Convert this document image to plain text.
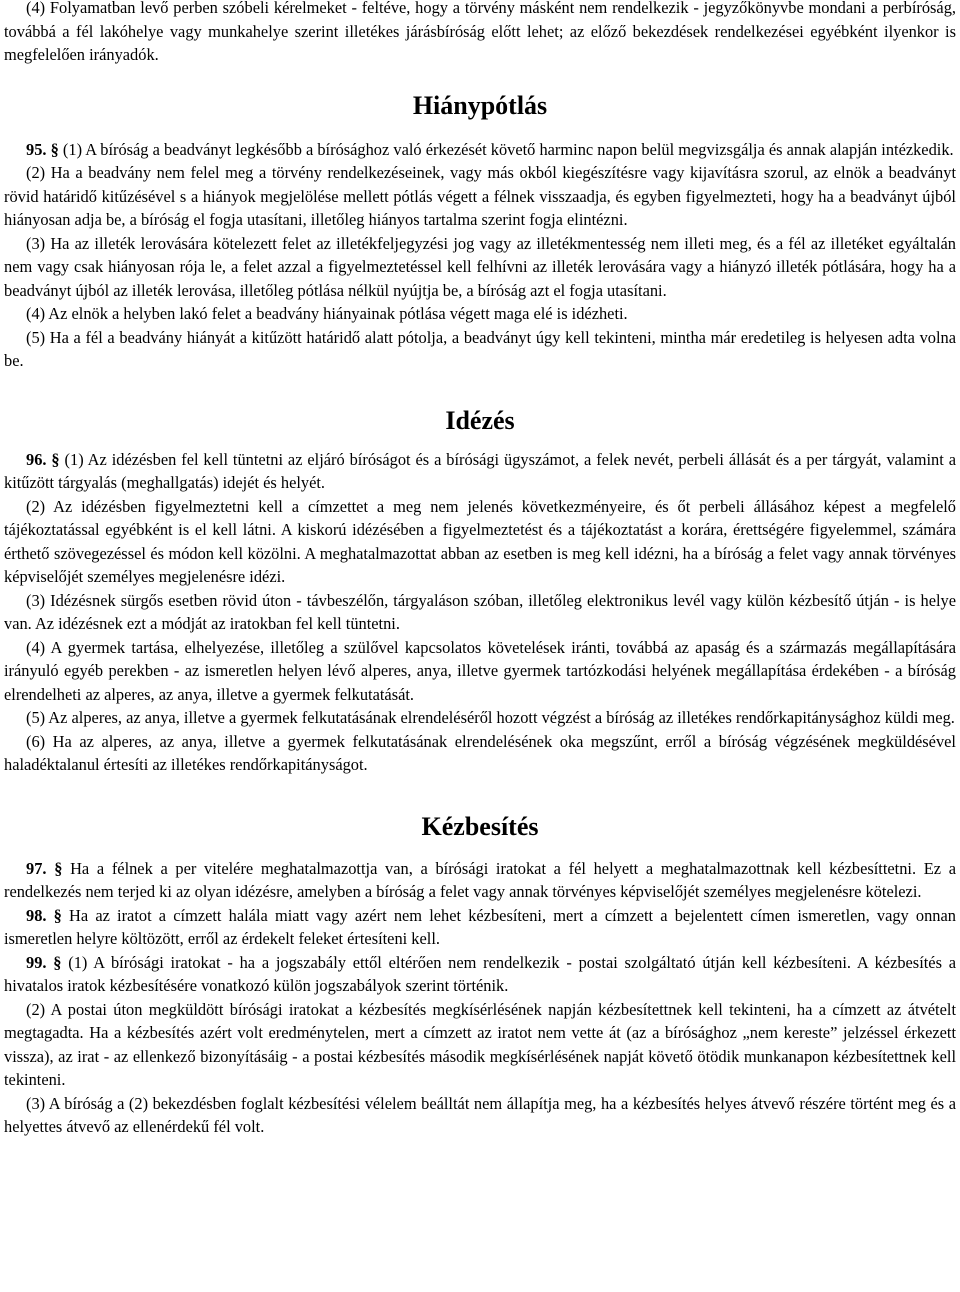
(4) Folyamatban levő perben szóbeli kérelmeket - feltéve, hogy a törvény másként nem rendelkezik - jegyzőkönyvbe mondani a perbíróság, továbbá a fél lakóhelye vagy munkahelye szerint illetékes járásbíróság előtt lehet; az előző bekezdések rendelkezései egyébként ilyenkor is megfelelően irányadók.

Hiánypótlás

95. § (1) A bíróság a beadványt legkésőbb a bírósághoz való érkezését követő harminc napon belül megvizsgálja és annak alapján intézkedik.

(2) Ha a beadvány nem felel meg a törvény rendelkezéseinek, vagy más okból kiegészítésre vagy kijavításra szorul, az elnök a beadványt rövid határidő kitűzésével s a hiányok megjelölése mellett pótlás végett a félnek visszaadja, és egyben figyelmezteti, hogy ha a beadványt újból hiányosan adja be, a bíróság el fogja utasítani, illetőleg hiányos tartalma szerint fogja elintézni.

(3) Ha az illeték lerovására kötelezett felet az illetékfeljegyzési jog vagy az illetékmentesség nem illeti meg, és a fél az illetéket egyáltalán nem vagy csak hiányosan rója le, a felet azzal a figyelmeztetéssel kell felhívni az illeték lerovására vagy a hiányzó illeték pótlására, hogy ha a beadványt újból az illeték lerovása, illetőleg pótlása nélkül nyújtja be, a bíróság azt el fogja utasítani.

(4) Az elnök a helyben lakó felet a beadvány hiányainak pótlása végett maga elé is idézheti.

(5) Ha a fél a beadvány hiányát a kitűzött határidő alatt pótolja, a beadványt úgy kell tekinteni, mintha már eredetileg is helyesen adta volna be.

Idézés

96. § (1) Az idézésben fel kell tüntetni az eljáró bíróságot és a bírósági ügyszámot, a felek nevét, perbeli állását és a per tárgyát, valamint a kitűzött tárgyalás (meghallgatás) idejét és helyét.

(2) Az idézésben figyelmeztetni kell a címzettet a meg nem jelenés következményeire, és őt perbeli állásához képest a megfelelő tájékoztatással egyébként is el kell látni. A kiskorú idézésében a figyelmeztetést és a tájékoztatást a korára, érettségére figyelemmel, számára érthető szövegezéssel és módon kell közölni. A meghatalmazottat abban az esetben is meg kell idézni, ha a bíróság a felet vagy annak törvényes képviselőjét személyes megjelenésre idézi.

(3) Idézésnek sürgős esetben rövid úton - távbeszélőn, tárgyaláson szóban, illetőleg elektronikus levél vagy külön kézbesítő útján - is helye van. Az idézésnek ezt a módját az iratokban fel kell tüntetni.

(4) A gyermek tartása, elhelyezése, illetőleg a szülővel kapcsolatos követelések iránti, továbbá az apaság és a származás megállapítására irányuló egyéb perekben - az ismeretlen helyen lévő alperes, anya, illetve gyermek tartózkodási helyének megállapítása érdekében - a bíróság elrendelheti az alperes, az anya, illetve a gyermek felkutatását.

(5) Az alperes, az anya, illetve a gyermek felkutatásának elrendeléséről hozott végzést a bíróság az illetékes rendőrkapitánysághoz küldi meg.

(6) Ha az alperes, az anya, illetve a gyermek felkutatásának elrendelésének oka megszűnt, erről a bíróság végzésének megküldésével haladéktalanul értesíti az illetékes rendőrkapitányságot.

Kézbesítés

97. § Ha a félnek a per vitelére meghatalmazottja van, a bírósági iratokat a fél helyett a meghatalmazottnak kell kézbesíttetni. Ez a rendelkezés nem terjed ki az olyan idézésre, amelyben a bíróság a felet vagy annak törvényes képviselőjét személyes megjelenésre kötelezi.

98. § Ha az iratot a címzett halála miatt vagy azért nem lehet kézbesíteni, mert a címzett a bejelentett címen ismeretlen, vagy onnan ismeretlen helyre költözött, erről az érdekelt feleket értesíteni kell.

99. § (1) A bírósági iratokat - ha a jogszabály ettől eltérően nem rendelkezik - postai szolgáltató útján kell kézbesíteni. A kézbesítés a hivatalos iratok kézbesítésére vonatkozó külön jogszabályok szerint történik.

(2) A postai úton megküldött bírósági iratokat a kézbesítés megkísérlésének napján kézbesítettnek kell tekinteni, ha a címzett az átvételt megtagadta. Ha a kézbesítés azért volt eredménytelen, mert a címzett az iratot nem vette át (az a bírósághoz „nem kereste” jelzéssel érkezett vissza), az irat - az ellenkező bizonyításáig - a postai kézbesítés második megkísérlésének napját követő ötödik munkanapon kézbesítettnek kell tekinteni.

(3) A bíróság a (2) bekezdésben foglalt kézbesítési vélelem beálltát nem állapítja meg, ha a kézbesítés helyes átvevő részére történt meg és a helyettes átvevő az ellenérdekű fél volt.
